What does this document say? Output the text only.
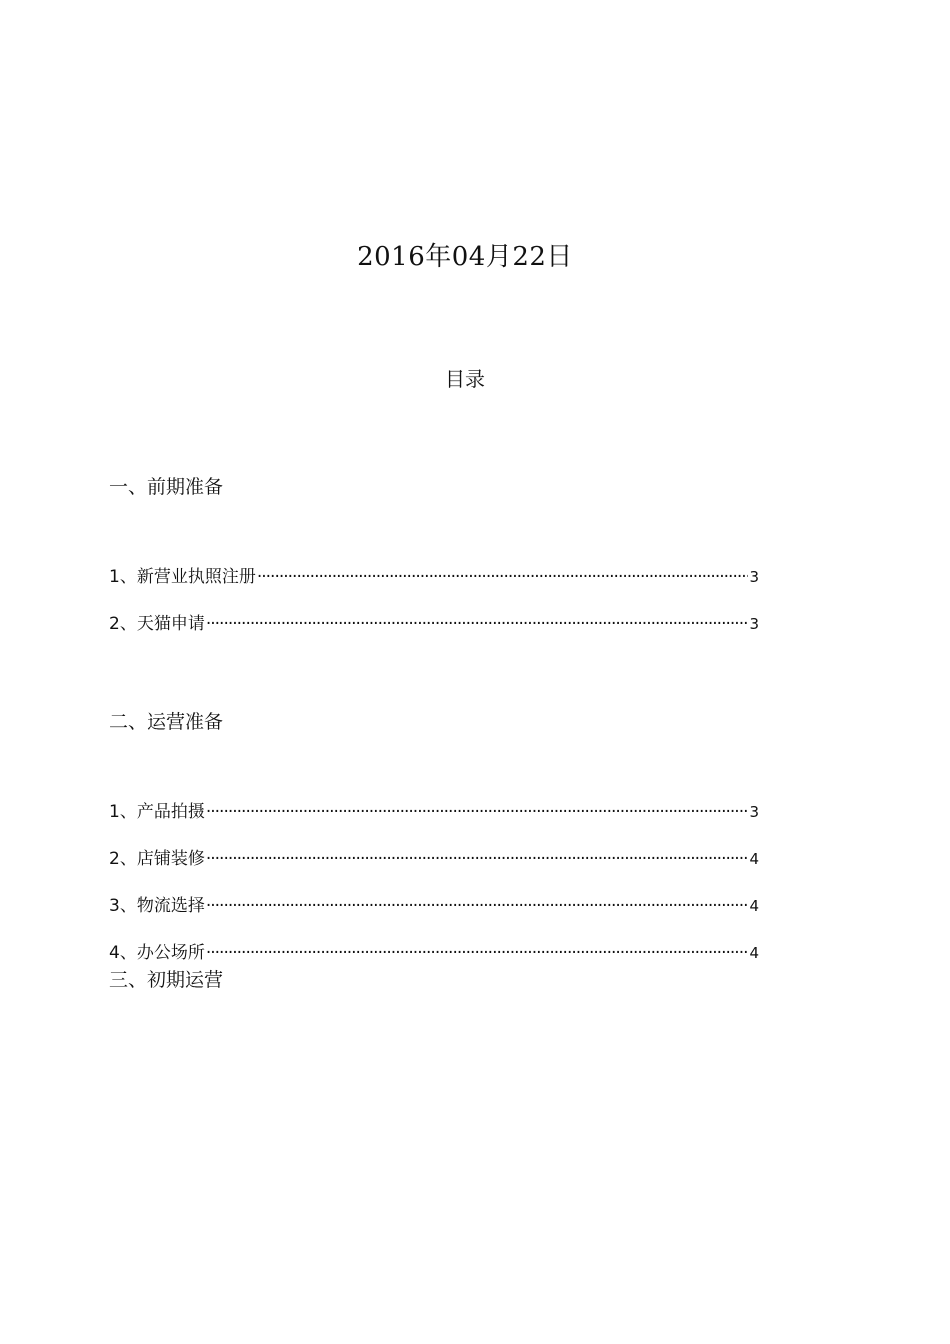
2016年04月22日
目录
一、前期准备
1、新营业执照注册 ·····	3
2、天猫申请 ·····	3
二、运营准备
1、产品拍摄 ·····	3
2、店铺装修 ·····	4
3、物流选择 ·····	4
4、办公场所 ·····	4
三、初期运营
